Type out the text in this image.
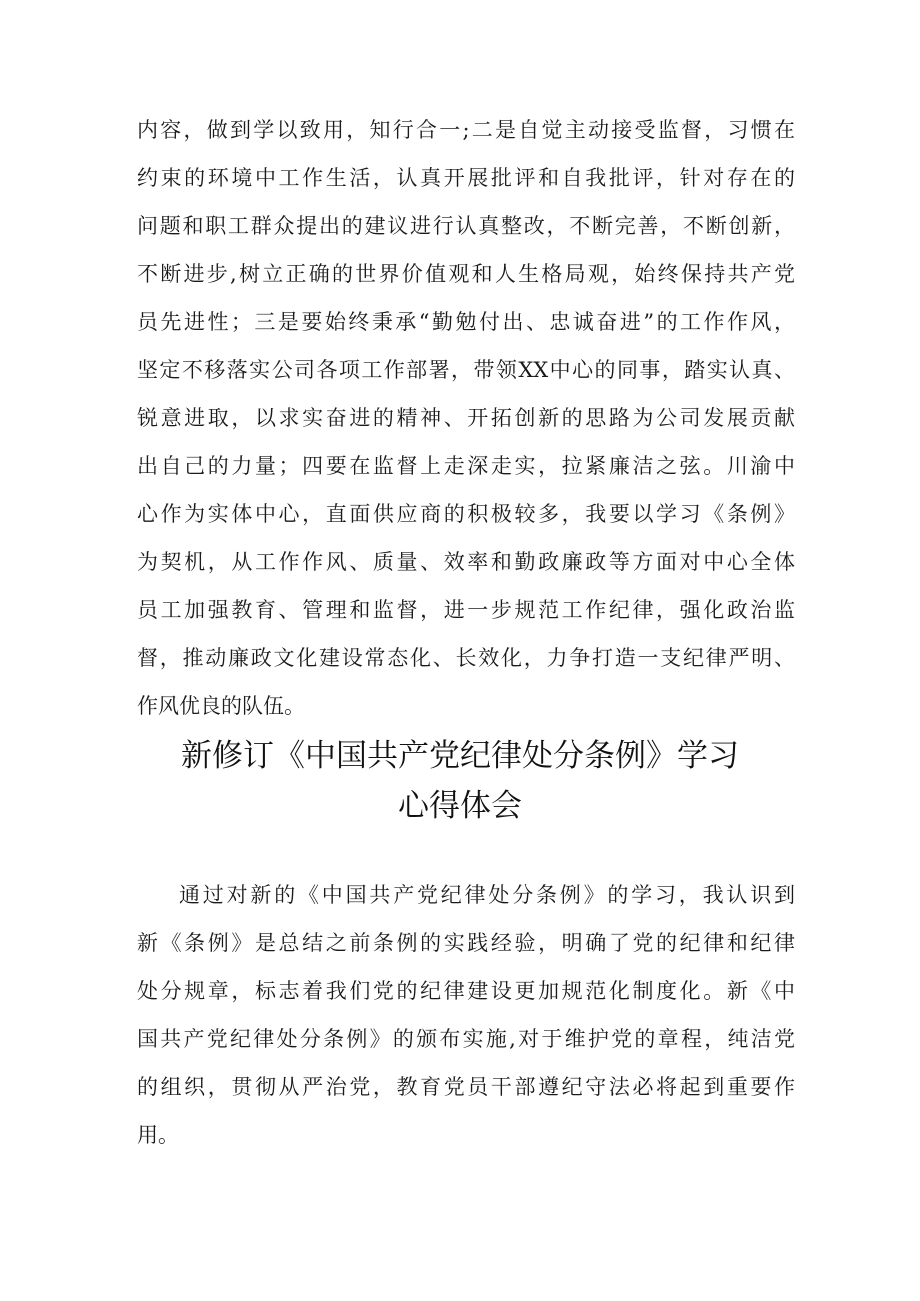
内容，做到学以致用，知行合一;二是自觉主动接受监督，习惯在
约束的环境中工作生活，认真开展批评和自我批评，针对存在的
问题和职工群众提出的建议进行认真整改，不断完善，不断创新，
不断进步,树立正确的世界价值观和人生格局观，始终保持共产党
员先进性；三是要始终秉承“勤勉付出、忠诚奋进”的工作作风，
坚定不移落实公司各项工作部署，带领XX中心的同事，踏实认真、
锐意进取，以求实奋进的精神、开拓创新的思路为公司发展贡献
出自己的力量；四要在监督上走深走实，拉紧廉洁之弦。川渝中
心作为实体中心，直面供应商的积极较多，我要以学习《条例》
为契机，从工作作风、质量、效率和勤政廉政等方面对中心全体
员工加强教育、管理和监督，进一步规范工作纪律，强化政治监
督，推动廉政文化建设常态化、长效化，力争打造一支纪律严明、
作风优良的队伍。
新修订《中国共产党纪律处分条例》学习
心得体会
通过对新的《中国共产党纪律处分条例》的学习，我认识到
新《条例》是总结之前条例的实践经验，明确了党的纪律和纪律
处分规章，标志着我们党的纪律建设更加规范化制度化。新《中
国共产党纪律处分条例》的颁布实施,对于维护党的章程，纯洁党
的组织，贯彻从严治党，教育党员干部遵纪守法必将起到重要作
用。
